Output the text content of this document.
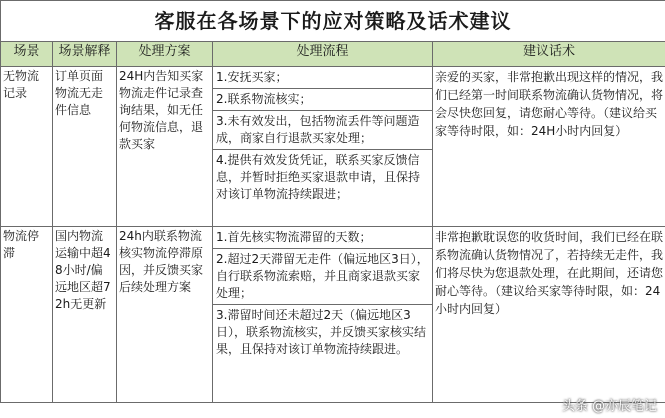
客服在各场景下的应对策略及话术建议				
场景	场景解释	处理方案	处理流程	建议话术
无物流记录	订单页面物流无走件信息	24H内告知买家物流走件记录查询结果，如无任何物流信息，退款买家	1.安抚买家；
2.联系物流核实；
3.未有效发出，包括物流丢件等问题造成，商家自行退款买家处理；
4.提供有效发货凭证，联系买家反馈信息，并暂时拒绝买家退款申请，且保持对该订单物流持续跟进；	亲爱的买家，非常抱歉出现这样的情况，我们已经第一时间联系物流确认货物情况，将会尽快您回复，请您耐心等待。（建议给买家等待时限，如：24H小时内回复）
物流停滞	国内物流运输中超48小时/偏远地区超72h无更新	24h内联系物流核实物流停滞原因，并反馈买家后续处理方案	1.首先核实物流滞留的天数；
2.超过2天滞留无走件（偏远地区3日），自行联系物流索赔，并且商家退款买家处理；
3.滞留时间还未超过2天（偏远地区3日），联系物流核实，并反馈买家核实结果，且保持对该订单物流持续跟进。	非常抱歉耽误您的收货时间，我们已经在联系物流确认货物情况了，若持续无走件，我们将尽快为您退款处理，在此期间，还请您耐心等待。（建议给买家等待时限，如：24小时内回复）
头条 @亦辰笔记
